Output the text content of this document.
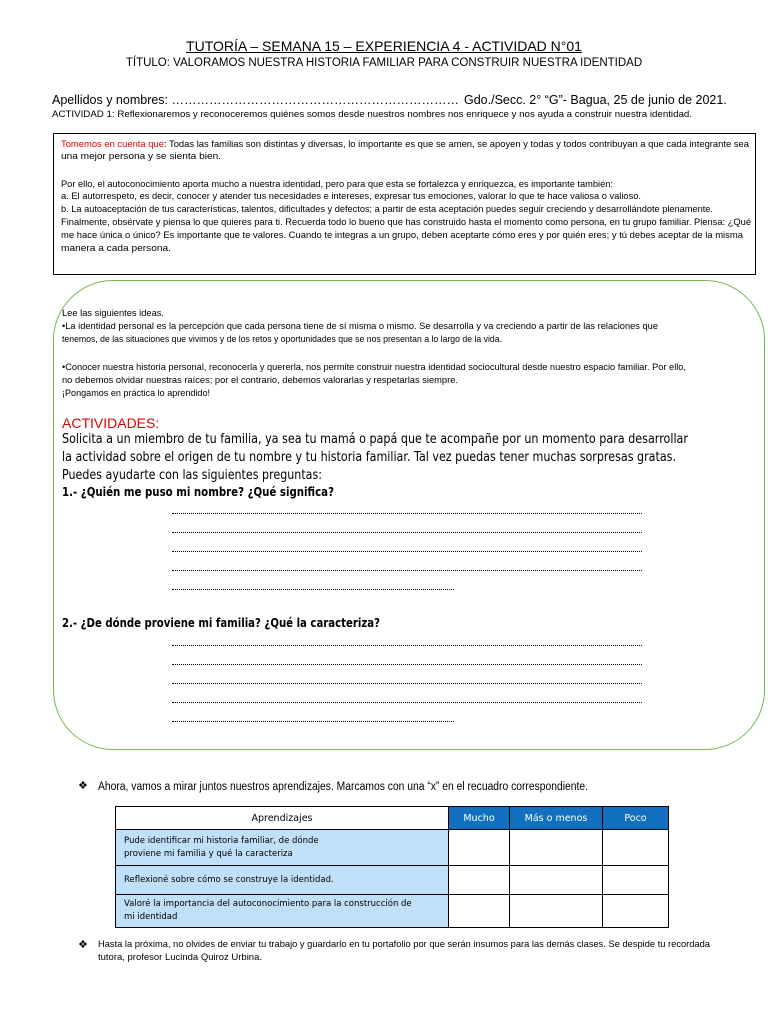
TUTORÍA – SEMANA 15 – EXPERIENCIA 4 - ACTIVIDAD N°01
TÍTULO: VALORAMOS NUESTRA HISTORIA FAMILIAR PARA CONSTRUIR NUESTRA IDENTIDAD
Apellidos y nombres: …………………………………………………………… Gdo./Secc. 2° “G”- Bagua, 25 de junio de 2021.
ACTIVIDAD 1: Reflexionaremos y reconoceremos quiénes somos desde nuestros nombres nos enriquece y nos ayuda a construir nuestra identidad.
Tomemos en cuenta que: Todas las familias son distintas y diversas, lo importante es que se amen, se apoyen y todas y todos contribuyan a que cada integrante sea
una mejor persona y se sienta bien.
Por ello, el autoconocimiento aporta mucho a nuestra identidad, pero para que esta se fortalezca y enriquezca, es importante también:
a. El autorrespeto, es decir, conocer y atender tus necesidades e intereses, expresar tus emociones, valorar lo que te hace valiosa o valioso.
b. La autoaceptación de tus características, talentos, dificultades y defectos; a partir de esta aceptación puedes seguir creciendo y desarrollándote plenamente.
Finalmente, obsérvate y piensa lo que quieres para ti. Recuerda todo lo bueno que has construido hasta el momento como persona, en tu grupo familiar. Piensa: ¿Qué
me hace única o único? Es importante que te valores. Cuando te integras a un grupo, deben aceptarte cómo eres y por quién eres; y tú debes aceptar de la misma
manera a cada persona.
Lee las siguientes ideas.
•La identidad personal es la percepción que cada persona tiene de sí misma o mismo. Se desarrolla y va creciendo a partir de las relaciones que
tenemos, de las situaciones que vivimos y de los retos y oportunidades que se nos presentan a lo largo de la vida.
•Conocer nuestra historia personal, reconocerla y quererla, nos permite construir nuestra identidad sociocultural desde nuestro espacio familiar. Por ello,
no debemos olvidar nuestras raíces; por el contrario, debemos valorarlas y respetarlas siempre.
¡Pongamos en práctica lo aprendido!
ACTIVIDADES:
Solicita a un miembro de tu familia, ya sea tu mamá o papá que te acompañe por un momento para desarrollar
la actividad sobre el origen de tu nombre y tu historia familiar. Tal vez puedas tener muchas sorpresas gratas.
Puedes ayudarte con las siguientes preguntas:
1.- ¿Quién me puso mi nombre? ¿Qué significa?
2.- ¿De dónde proviene mi familia? ¿Qué la caracteriza?
❖ Ahora, vamos a mirar juntos nuestros aprendizajes. Marcamos con una “x” en el recuadro correspondiente.
Aprendizajes	Mucho	Más o menos	Poco

Pude identificar mi historia familiar, de dónde
proviene mi familia y qué la caracteriza			

Reflexioné sobre cómo se construye la identidad.			

Valoré la importancia del autoconocimiento para la construcción de
mi identidad			

❖ Hasta la próxima, no olvides de enviar tu trabajo y guardarlo en tu portafolio por que serán insumos para las demás clases. Se despide tu recordada
tutora, profesor Lucinda Quiroz Urbina.
